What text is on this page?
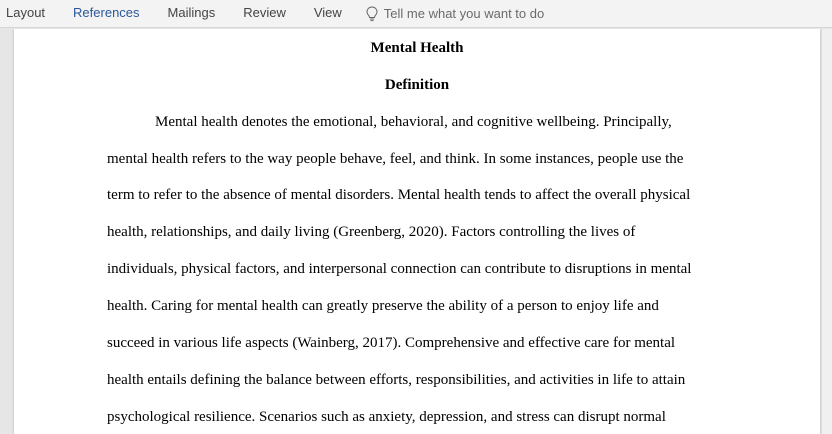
Layout	References	Mailings	Review	View	Tell me what you want to do
Mental Health
Definition
Mental health denotes the emotional, behavioral, and cognitive wellbeing. Principally,
mental health refers to the way people behave, feel, and think. In some instances, people use the
term to refer to the absence of mental disorders. Mental health tends to affect the overall physical
health, relationships, and daily living (Greenberg, 2020). Factors controlling the lives of
individuals, physical factors, and interpersonal connection can contribute to disruptions in mental
health. Caring for mental health can greatly preserve the ability of a person to enjoy life and
succeed in various life aspects (Wainberg, 2017). Comprehensive and effective care for mental
health entails defining the balance between efforts, responsibilities, and activities in life to attain
psychological resilience. Scenarios such as anxiety, depression, and stress can disrupt normal
